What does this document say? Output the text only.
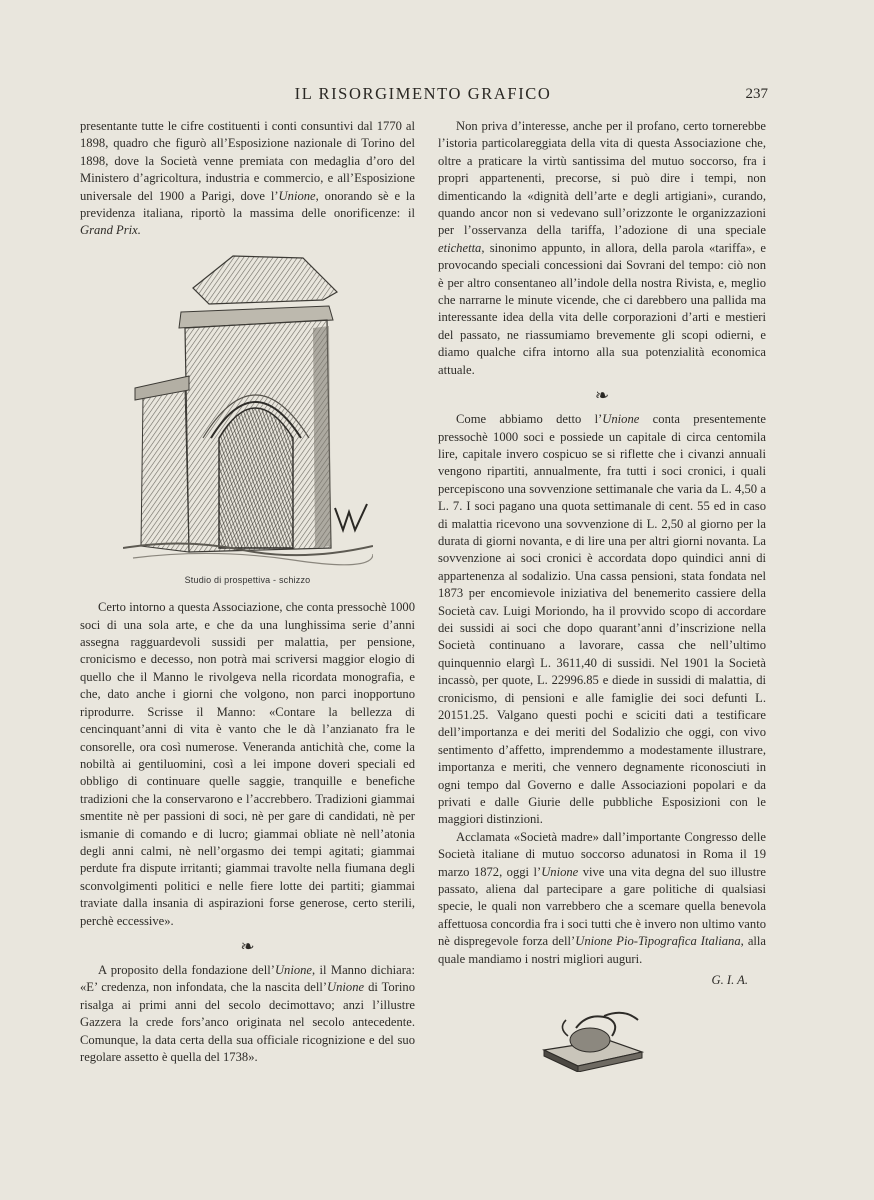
IL RISORGIMENTO GRAFICO	237

presentante tutte le cifre costituenti i conti consuntivi dal 1770 al 1898, quadro che figurò all’Esposizione nazionale di Torino del 1898, dove la Società venne premiata con medaglia d’oro del Ministero d’agricoltura, industria e commercio, e all’Esposizione universale del 1900 a Parigi, dove l’Unione, onorando sè e la previdenza italiana, riportò la massima delle onorificenze: il Grand Prix.

Studio di prospettiva - schizzo

Certo intorno a questa Associazione, che conta pressochè 1000 soci di una sola arte, e che da una lunghissima serie d’anni assegna ragguardevoli sussidi per malattia, per pensione, cronicismo e decesso, non potrà mai scriversi maggior elogio di quello che il Manno le rivolgeva nella ricordata monografia, e che, dato anche i giorni che volgono, non parci inopportuno riprodurre. Scrisse il Manno: «Contare la bellezza di cencinquant’anni di vita è vanto che le dà l’anzianato fra le consorelle, ora così numerose. Veneranda antichità che, come la nobiltà ai gentiluomini, così a lei impone doveri speciali ed obbligo di continuare quelle saggie, tranquille e benefiche tradizioni che la conservarono e l’accrebbero. Tradizioni giammai smentite nè per passioni di soci, nè per gare di candidati, nè per ismanie di comando e di lucro; giammai obliate nè nell’atonia degli anni calmi, nè nell’orgasmo dei tempi agitati; giammai perdute fra dispute irritanti; giammai travolte nella fiumana degli sconvolgimenti politici e nelle fiere lotte dei partiti; giammai traviate dalla insania di aspirazioni forse generose, certo sterili, perchè eccessive».

❧

A proposito della fondazione dell’Unione, il Manno dichiara: «E’ credenza, non infondata, che la nascita dell’Unione di Torino risalga ai primi anni del secolo decimottavo; anzi l’illustre Gazzera la crede fors’anco originata nel secolo antecedente. Comunque, la data certa della sua officiale ricognizione e del suo regolare assetto è quella del 1738».

Non priva d’interesse, anche per il profano, certo tornerebbe l’istoria particolareggiata della vita di questa Associazione che, oltre a praticare la virtù santissima del mutuo soccorso, fra i propri appartenenti, precorse, si può dire i tempi, non dimenticando la «dignità dell’arte e degli artigiani», curando, quando ancor non si vedevano sull’orizzonte le organizzazioni per l’osservanza della tariffa, l’adozione di una speciale etichetta, sinonimo appunto, in allora, della parola «tariffa», e provocando speciali concessioni dai Sovrani del tempo: ciò non è per altro consentaneo all’indole della nostra Rivista, e, meglio che narrarne le minute vicende, che ci darebbero una pallida ma interessante idea della vita delle corporazioni d’arti e mestieri del passato, ne riassumiamo brevemente gli scopi odierni, e diamo qualche cifra intorno alla sua potenzialità economica attuale.

❧

Come abbiamo detto l’Unione conta presentemente pressochè 1000 soci e possiede un capitale di circa centomila lire, capitale invero cospicuo se si riflette che i civanzi annuali vengono ripartiti, annualmente, fra tutti i soci cronici, i quali percepiscono una sovvenzione settimanale che varia da L. 4,50 a L. 7. I soci pagano una quota settimanale di cent. 55 ed in caso di malattia ricevono una sovvenzione di L. 2,50 al giorno per la durata di giorni novanta, e di lire una per altri giorni novanta. La sovvenzione ai soci cronici è accordata dopo quindici anni di appartenenza al sodalizio. Una cassa pensioni, stata fondata nel 1873 per encomievole iniziativa del benemerito cassiere della Società cav. Luigi Moriondo, ha il provvido scopo di accordare dei sussidi ai soci che dopo quarant’anni d’inscrizione nella Società continuano a lavorare, cassa che nell’ultimo quinquennio elargì L. 3611,40 di sussidi. Nel 1901 la Società incassò, per quote, L. 22996.85 e diede in sussidi di malattia, di cronicismo, di pensioni e alle famiglie dei soci defunti L. 20151.25. Valgano questi pochi e sciciti dati a testificare dell’importanza e dei meriti del Sodalizio che oggi, con vivo sentimento d’affetto, imprendemmo a modestamente illustrare, importanza e meriti, che vennero degnamente riconosciuti in ogni tempo dal Governo e dalle Associazioni popolari e da privati e dalle Giurie delle pubbliche Esposizioni con le maggiori distinzioni.

Acclamata «Società madre» dall’importante Congresso delle Società italiane di mutuo soccorso adunatosi in Roma il 19 marzo 1872, oggi l’Unione vive una vita degna del suo illustre passato, aliena dal partecipare a gare politiche di qualsiasi specie, le quali non varrebbero che a scemare quella benevola affettuosa concordia fra i soci tutti che è invero non ultimo vanto nè dispregevole forza dell’Unione Pio-Tipografica Italiana, alla quale mandiamo i nostri migliori auguri.

G. I. A.
